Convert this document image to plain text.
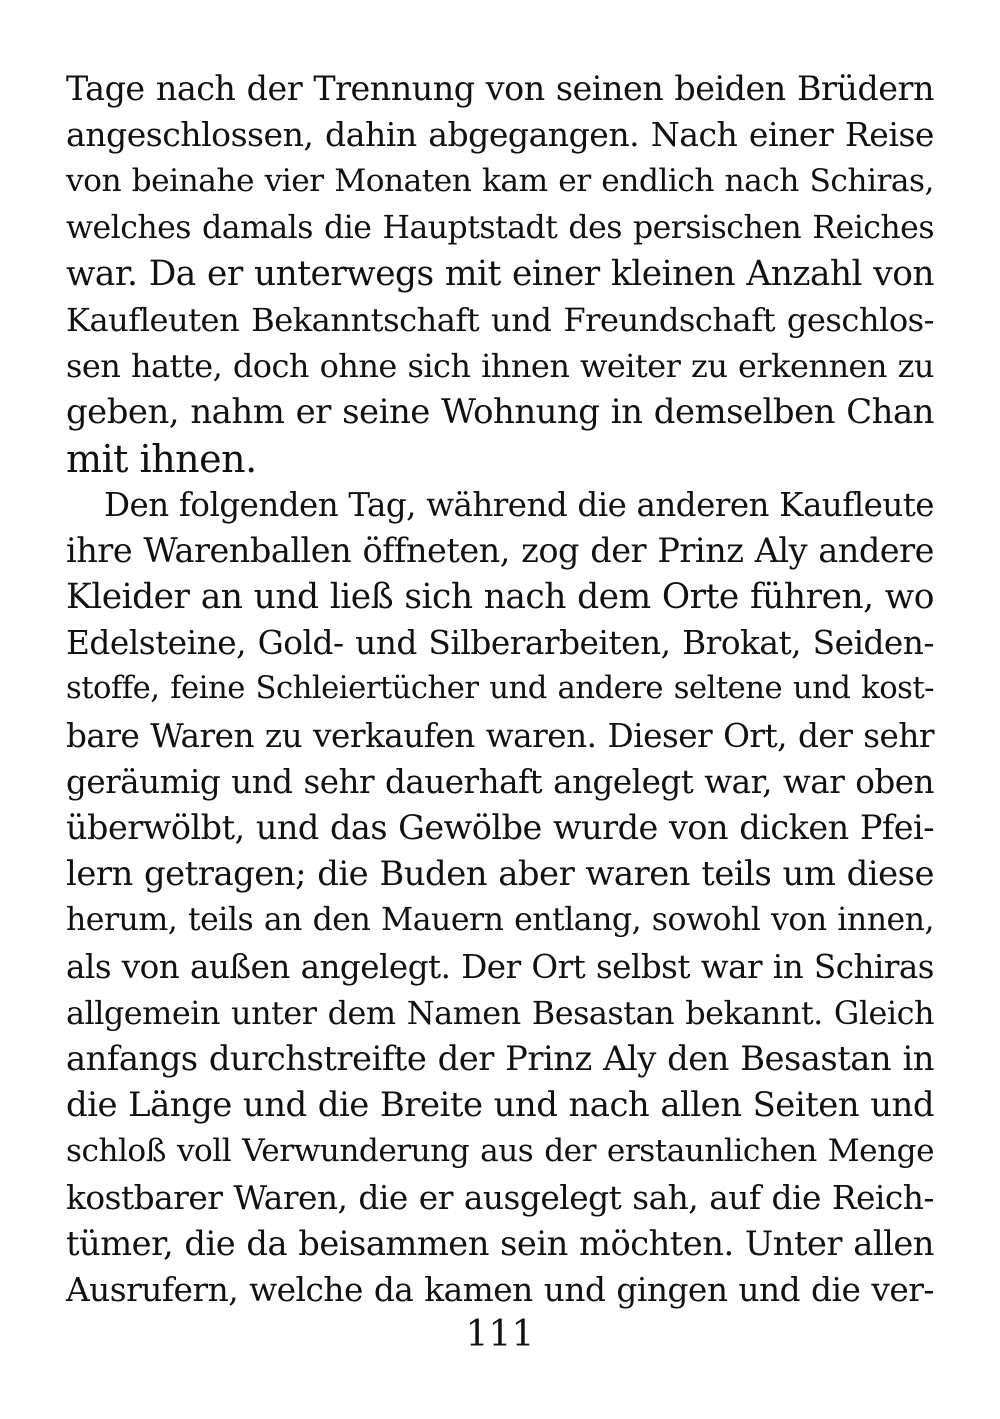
Tage nach der Trennung von seinen beiden Brüdern
angeschlossen, dahin abgegangen. Nach einer Reise
von beinahe vier Monaten kam er endlich nach Schiras,
welches damals die Hauptstadt des persischen Reiches
war. Da er unterwegs mit einer kleinen Anzahl von
Kaufleuten Bekanntschaft und Freundschaft geschlos-
sen hatte, doch ohne sich ihnen weiter zu erkennen zu
geben, nahm er seine Wohnung in demselben Chan
mit ihnen.
Den folgenden Tag, während die anderen Kaufleute
ihre Warenballen öffneten, zog der Prinz Aly andere
Kleider an und ließ sich nach dem Orte führen, wo
Edelsteine, Gold- und Silberarbeiten, Brokat, Seiden-
stoffe, feine Schleiertücher und andere seltene und kost-
bare Waren zu verkaufen waren. Dieser Ort, der sehr
geräumig und sehr dauerhaft angelegt war, war oben
überwölbt, und das Gewölbe wurde von dicken Pfei-
lern getragen; die Buden aber waren teils um diese
herum, teils an den Mauern entlang, sowohl von innen,
als von außen angelegt. Der Ort selbst war in Schiras
allgemein unter dem Namen Besastan bekannt. Gleich
anfangs durchstreifte der Prinz Aly den Besastan in
die Länge und die Breite und nach allen Seiten und
schloß voll Verwunderung aus der erstaunlichen Menge
kostbarer Waren, die er ausgelegt sah, auf die Reich-
tümer, die da beisammen sein möchten. Unter allen
Ausrufern, welche da kamen und gingen und die ver-
111
